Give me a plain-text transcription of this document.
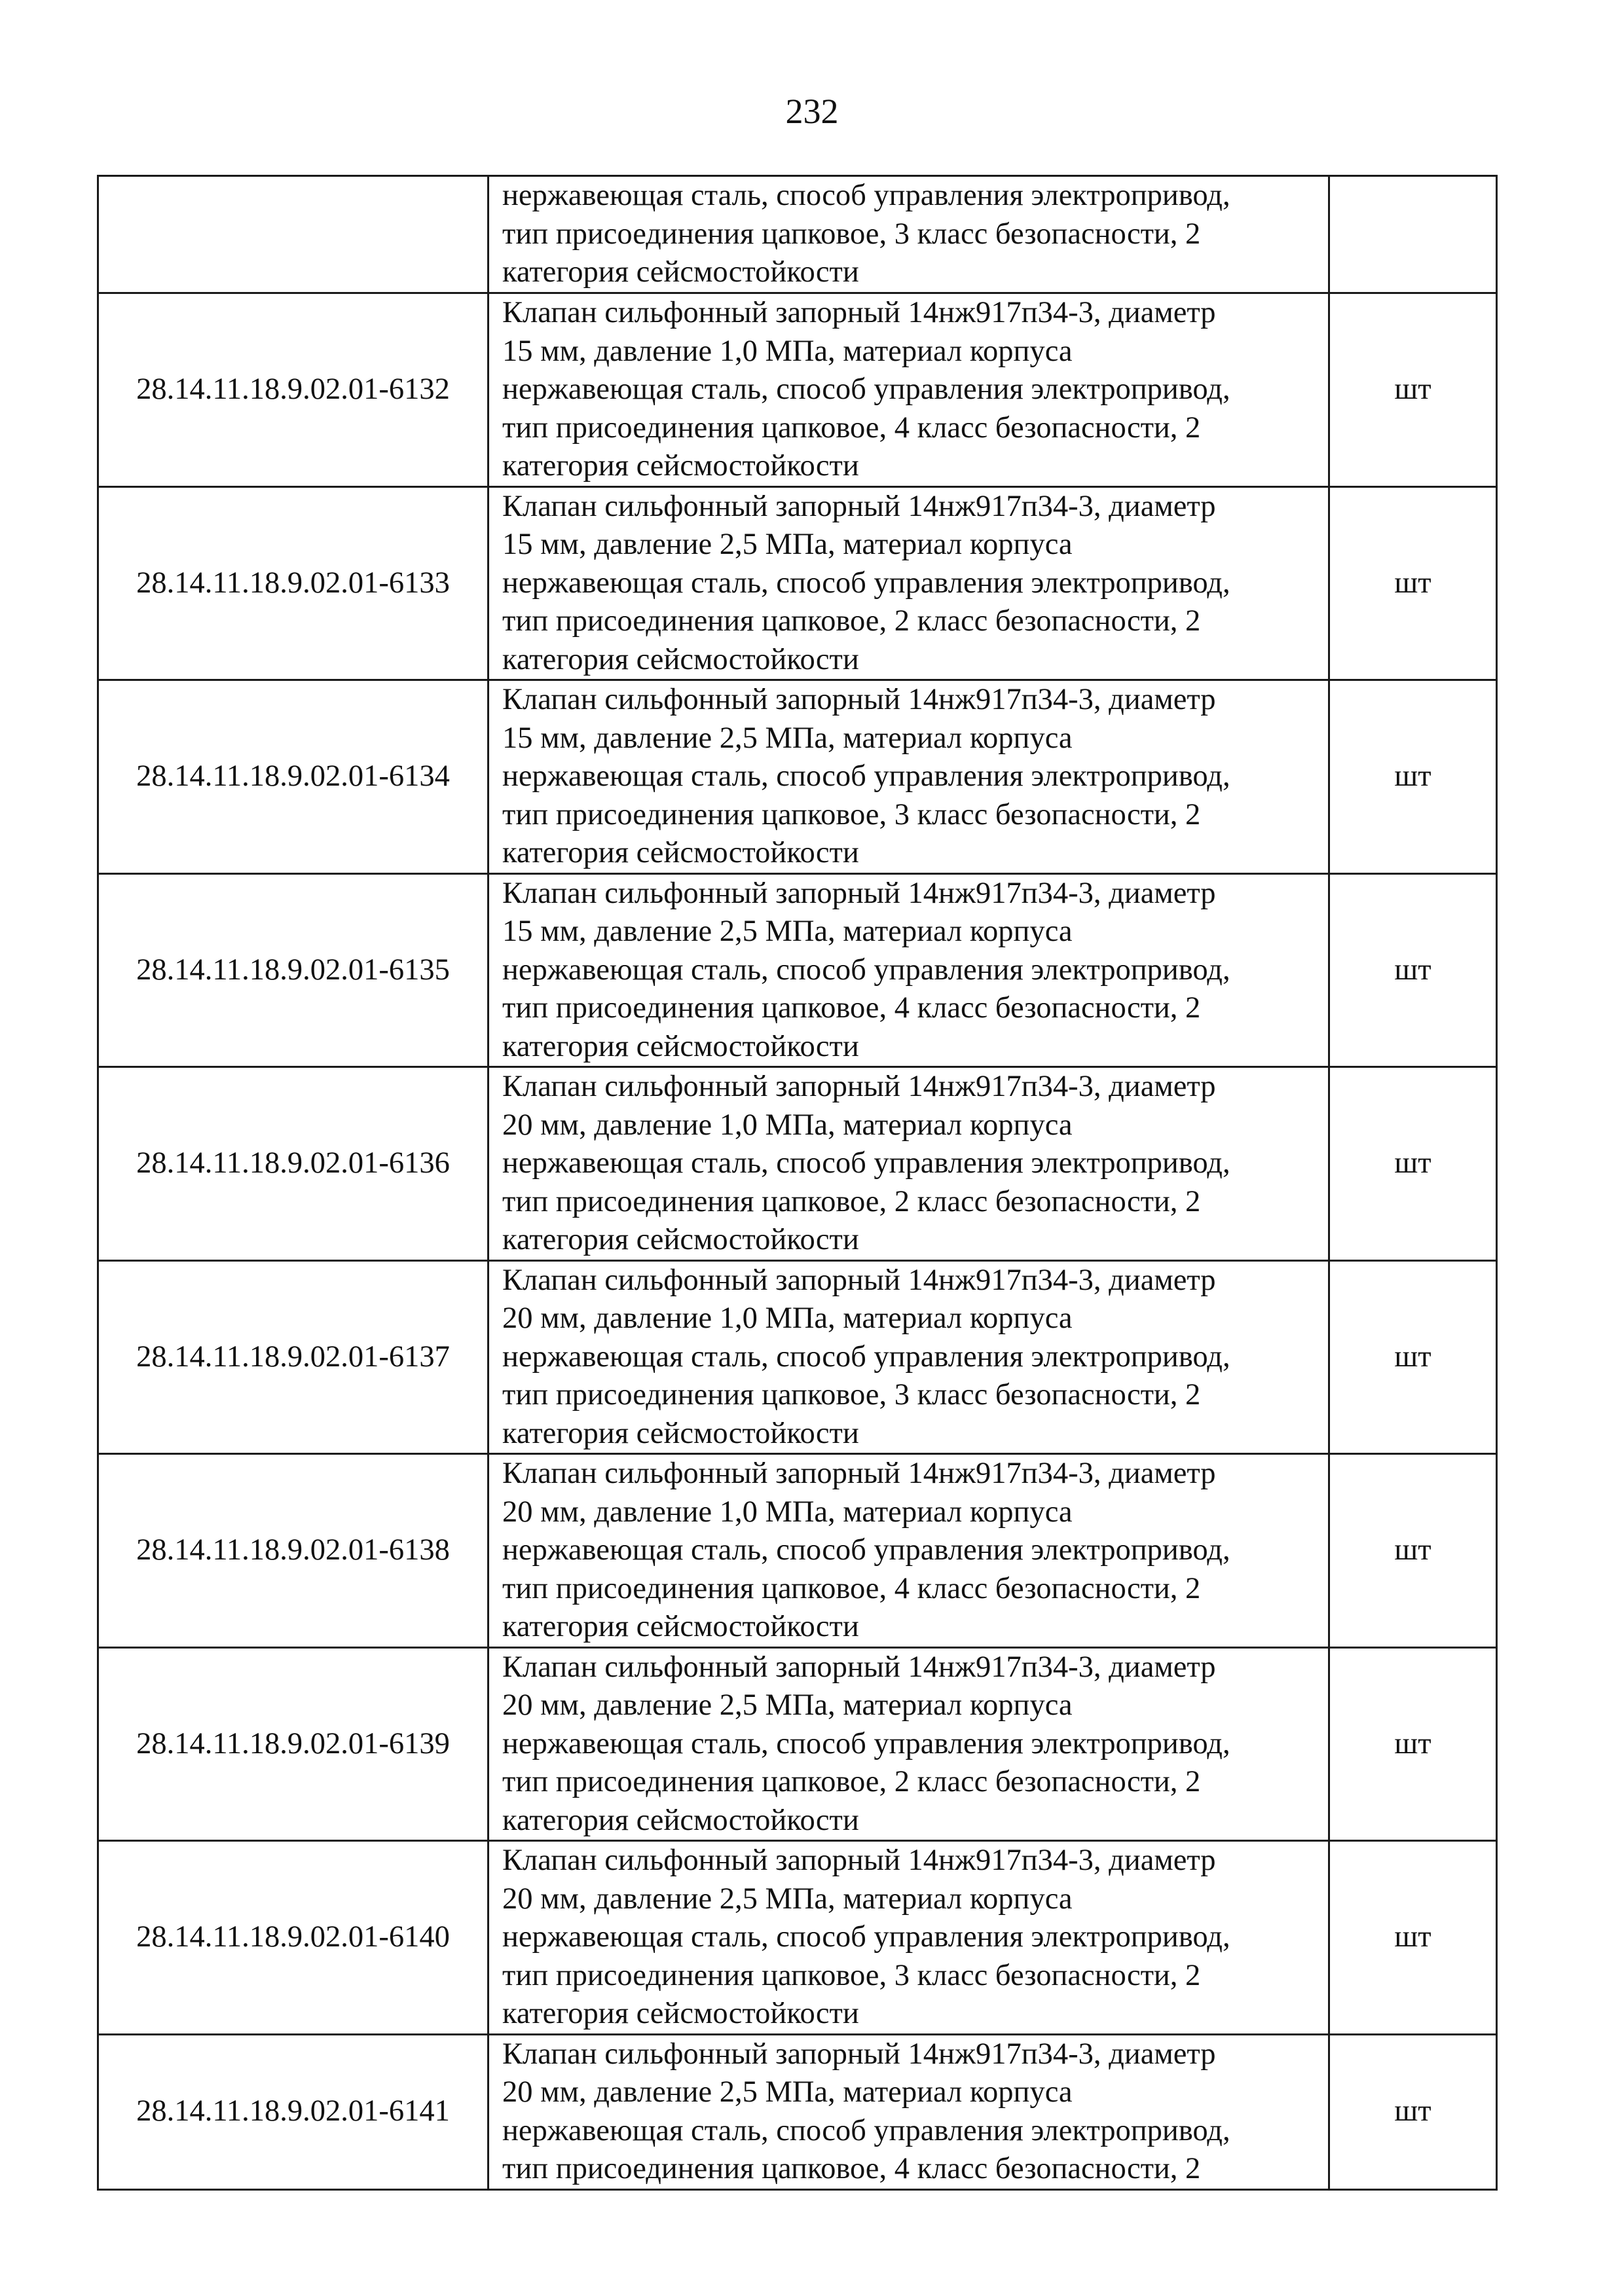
232

	нержавеющая сталь, способ управления электропривод,
тип присоединения цапковое, 3 класс безопасности, 2
категория сейсмостойкости	

28.14.11.18.9.02.01-6132	Клапан сильфонный запорный 14нж917п34-3, диаметр
15 мм, давление 1,0 МПа, материал корпуса
нержавеющая сталь, способ управления электропривод,
тип присоединения цапковое, 4 класс безопасности, 2
категория сейсмостойкости	шт
28.14.11.18.9.02.01-6133	Клапан сильфонный запорный 14нж917п34-3, диаметр
15 мм, давление 2,5 МПа, материал корпуса
нержавеющая сталь, способ управления электропривод,
тип присоединения цапковое, 2 класс безопасности, 2
категория сейсмостойкости	шт
28.14.11.18.9.02.01-6134	Клапан сильфонный запорный 14нж917п34-3, диаметр
15 мм, давление 2,5 МПа, материал корпуса
нержавеющая сталь, способ управления электропривод,
тип присоединения цапковое, 3 класс безопасности, 2
категория сейсмостойкости	шт
28.14.11.18.9.02.01-6135	Клапан сильфонный запорный 14нж917п34-3, диаметр
15 мм, давление 2,5 МПа, материал корпуса
нержавеющая сталь, способ управления электропривод,
тип присоединения цапковое, 4 класс безопасности, 2
категория сейсмостойкости	шт
28.14.11.18.9.02.01-6136	Клапан сильфонный запорный 14нж917п34-3, диаметр
20 мм, давление 1,0 МПа, материал корпуса
нержавеющая сталь, способ управления электропривод,
тип присоединения цапковое, 2 класс безопасности, 2
категория сейсмостойкости	шт
28.14.11.18.9.02.01-6137	Клапан сильфонный запорный 14нж917п34-3, диаметр
20 мм, давление 1,0 МПа, материал корпуса
нержавеющая сталь, способ управления электропривод,
тип присоединения цапковое, 3 класс безопасности, 2
категория сейсмостойкости	шт
28.14.11.18.9.02.01-6138	Клапан сильфонный запорный 14нж917п34-3, диаметр
20 мм, давление 1,0 МПа, материал корпуса
нержавеющая сталь, способ управления электропривод,
тип присоединения цапковое, 4 класс безопасности, 2
категория сейсмостойкости	шт
28.14.11.18.9.02.01-6139	Клапан сильфонный запорный 14нж917п34-3, диаметр
20 мм, давление 2,5 МПа, материал корпуса
нержавеющая сталь, способ управления электропривод,
тип присоединения цапковое, 2 класс безопасности, 2
категория сейсмостойкости	шт
28.14.11.18.9.02.01-6140	Клапан сильфонный запорный 14нж917п34-3, диаметр
20 мм, давление 2,5 МПа, материал корпуса
нержавеющая сталь, способ управления электропривод,
тип присоединения цапковое, 3 класс безопасности, 2
категория сейсмостойкости	шт
28.14.11.18.9.02.01-6141	Клапан сильфонный запорный 14нж917п34-3, диаметр
20 мм, давление 2,5 МПа, материал корпуса
нержавеющая сталь, способ управления электропривод,
тип присоединения цапковое, 4 класс безопасности, 2	шт
